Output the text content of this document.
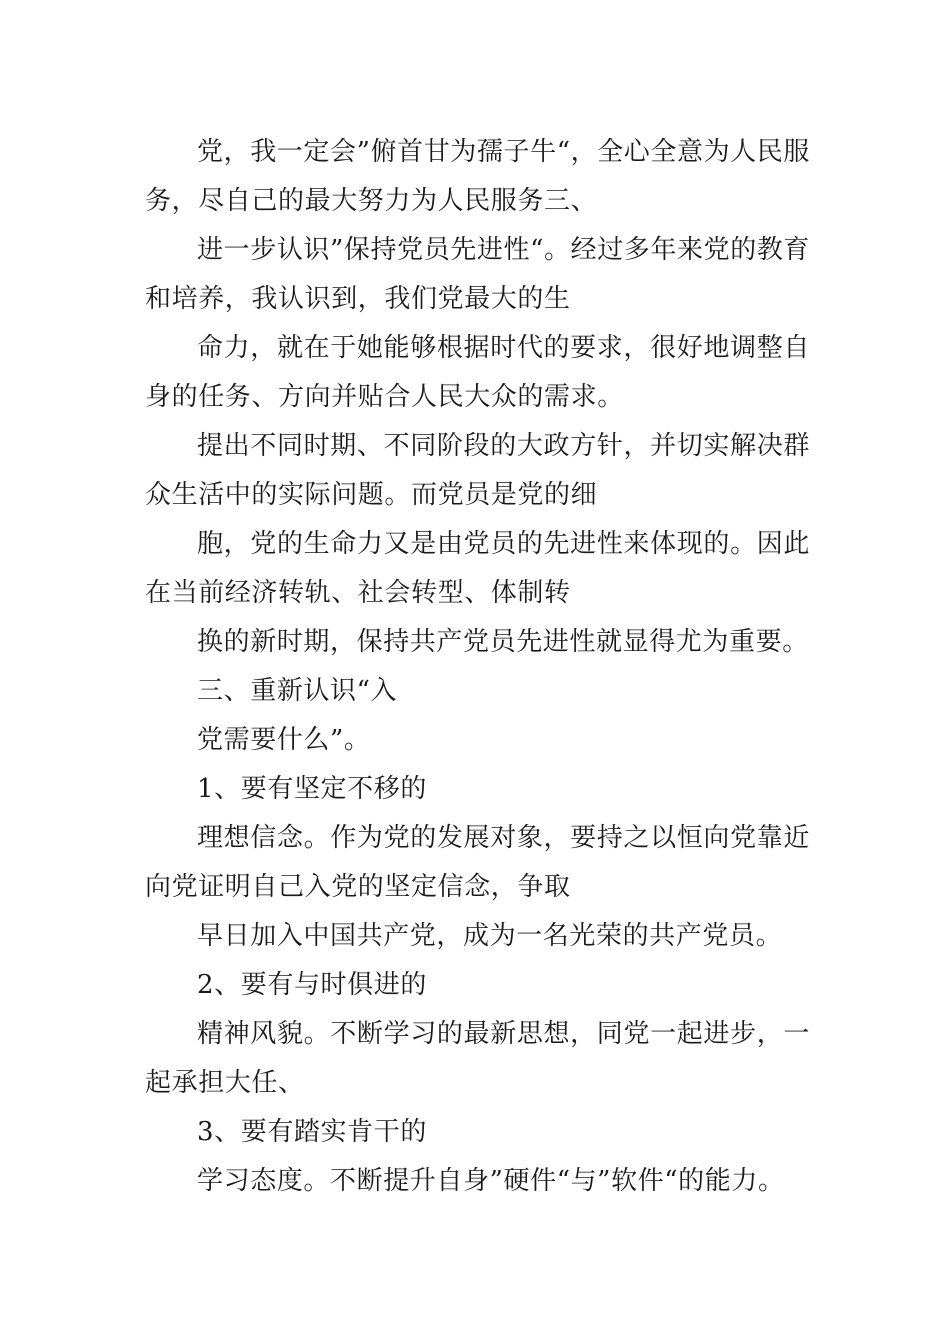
党，我一定会”俯首甘为孺子牛“，全心全意为人民服务，尽自己的最大努力为人民服务三、

进一步认识”保持党员先进性“。经过多年来党的教育和培养，我认识到，我们党最大的生

命力，就在于她能够根据时代的要求，很好地调整自身的任务、方向并贴合人民大众的需求。

提出不同时期、不同阶段的大政方针，并切实解决群众生活中的实际问题。而党员是党的细

胞，党的生命力又是由党员的先进性来体现的。因此在当前经济转轨、社会转型、体制转

换的新时期，保持共产党员先进性就显得尤为重要。

三、重新认识“入

党需要什么”。

1、要有坚定不移的

理想信念。作为党的发展对象，要持之以恒向党靠近向党证明自己入党的坚定信念，争取

早日加入中国共产党，成为一名光荣的共产党员。

2、要有与时俱进的

精神风貌。不断学习的最新思想，同党一起进步，一起承担大任、

3、要有踏实肯干的

学习态度。不断提升自身”硬件“与”软件“的能力。
